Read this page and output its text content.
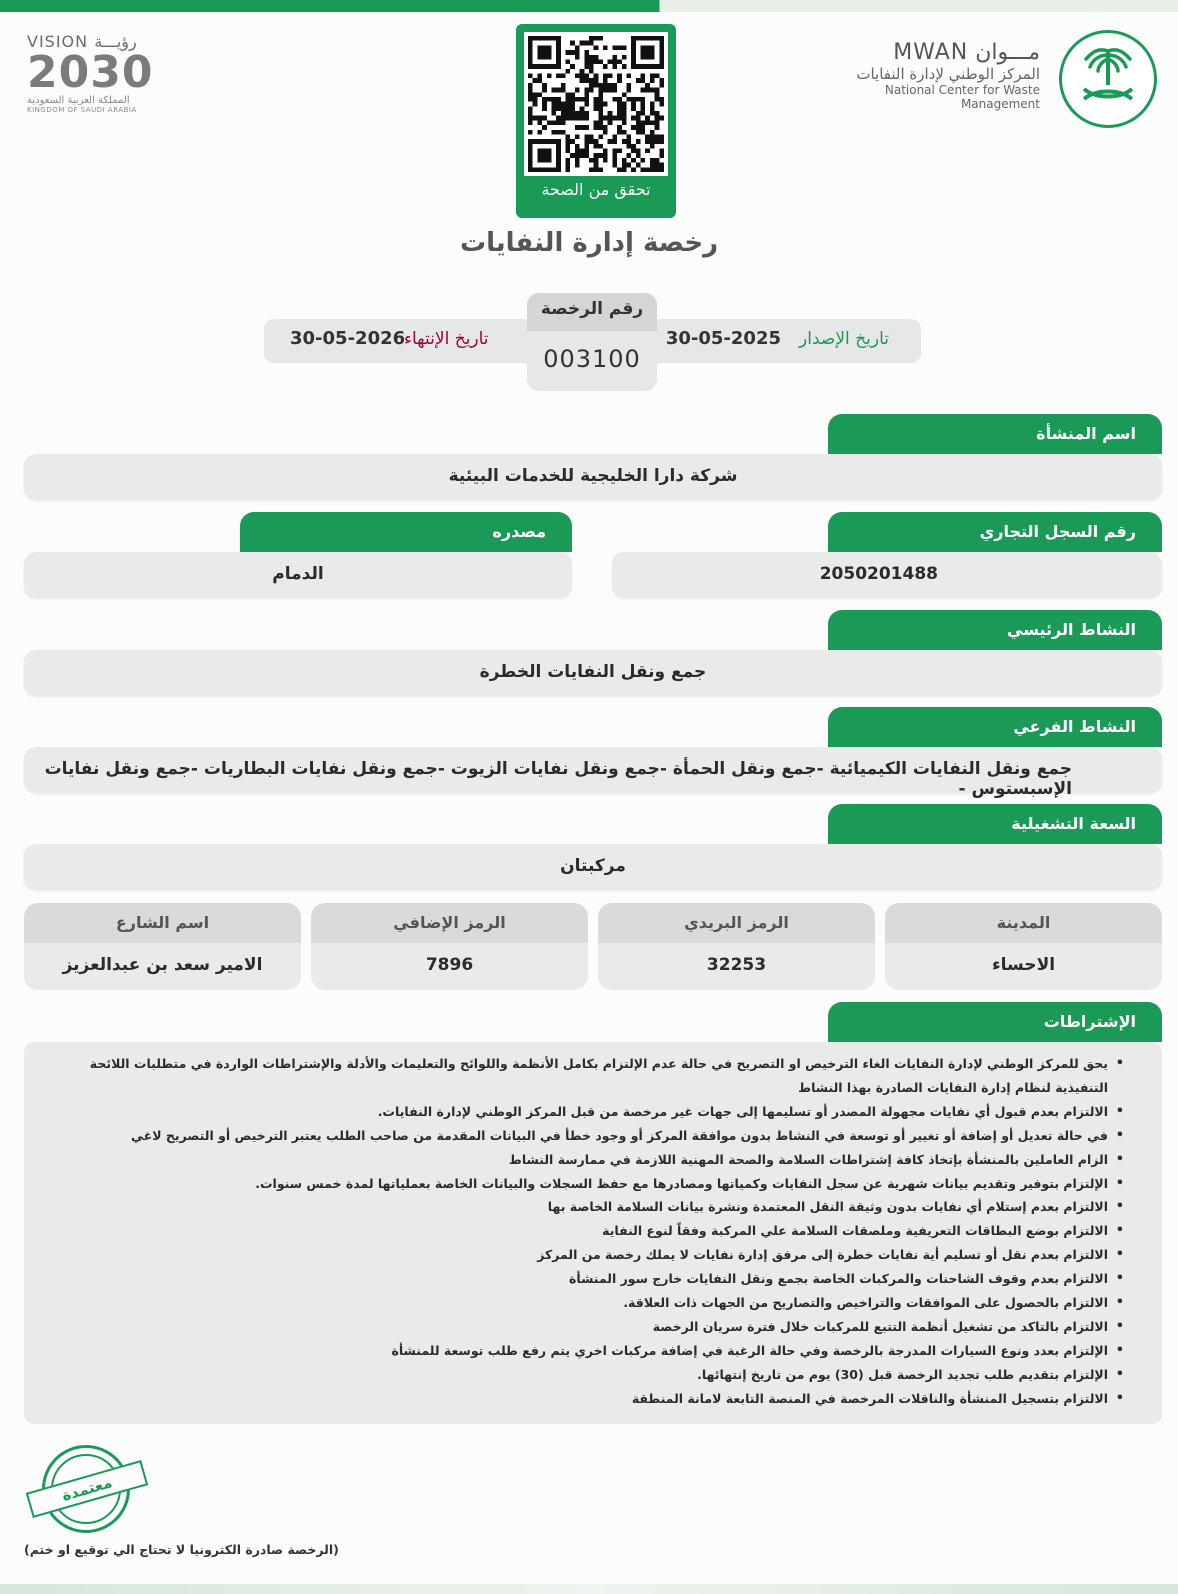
VISION رؤيـــة
2030
المملكة العربية السعودية
KINGDOM OF SAUDI ARABIA
تحقق من الصحة
مـــوان MWAN
المركز الوطني لإدارة النفايات
National Center for Waste Management
رخصة إدارة النفايات
تاريخ الإصدار
30-05-2025
تاريخ الإنتهاء
30-05-2026
رقم الرخصة
003100
اسم المنشأة
شركة دارا الخليجية للخدمات البيئية
رقم السجل التجاري
2050201488
مصدره
الدمام
النشاط الرئيسي
جمع ونقل النفايات الخطرة
النشاط الفرعي
جمع ونقل النفايات الكيميائية -جمع ونقل الحمأة -جمع ونقل نفايات الزيوت -جمع ونقل نفايات البطاريات -جمع ونقل نفايات الإسبستوس -
السعة التشغيلية
مركبتان
المدينة
الاحساء
الرمز البريدي
32253
الرمز الإضافي
7896
اسم الشارع
الامير سعد بن عبدالعزيز
الإشتراطات
• يحق للمركز الوطني لإدارة النفايات الغاء الترخيص او التصريح في حالة عدم الإلتزام بكامل الأنظمة واللوائح والتعليمات والأدلة والإشتراطات الواردة في متطلبات اللائحة التنفيذية لنظام إدارة النفايات الصادرة بهذا النشاط
• الالتزام بعدم قبول أي نفايات مجهولة المصدر أو تسليمها إلى جهات غير مرخصة من قبل المركز الوطني لإدارة النفايات.
• في حالة تعديل أو إضافة أو تغيير أو توسعة في النشاط بدون موافقة المركز أو وجود خطأ في البيانات المقدمة من صاحب الطلب يعتبر الترخيص أو التصريح لاغي
• الزام العاملين بالمنشأة بإتخاذ كافة إشتراطات السلامة والصحة المهنية اللازمة في ممارسة النشاط
• الإلتزام بتوفير وتقديم بيانات شهرية عن سجل النفايات وكمياتها ومصادرها مع حفظ السجلات والبيانات الخاصة بعملياتها لمدة خمس سنوات.
• الالتزام بعدم إستلام أي نفايات بدون وثيقة النقل المعتمدة ونشرة بيانات السلامة الخاصة بها
• الالتزام بوضع البطاقات التعريفية وملصقات السلامة علي المركبة وفقاً لنوع النفاية
• الالتزام بعدم نقل أو تسليم أية نفايات خطرة إلى مرفق إدارة نفايات لا يملك رخصة من المركز
• الالتزام بعدم وقوف الشاحنات والمركبات الخاصة بجمع ونقل النفايات خارج سور المنشأة
• الالتزام بالحصول على الموافقات والتراخيص والتصاريح من الجهات ذات العلاقة.
• الالتزام بالتاكد من تشغيل أنظمة التتبع للمركبات خلال فترة سريان الرخصة
• الإلتزام بعدد ونوع السيارات المدرجة بالرخصة وفي حالة الرغبة في إضافة مركبات اخري يتم رفع طلب توسعة للمنشأة
• الإلتزام بتقديم طلب تجديد الرخصة قبل (30) يوم من تاريخ إنتهائها.
• الالتزام بتسجيل المنشأة والناقلات المرخصة في المنصة التابعة لامانة المنطقة
معتمدة
(الرخصة صادرة الكترونيا لا تحتاج الي توقيع او ختم)
